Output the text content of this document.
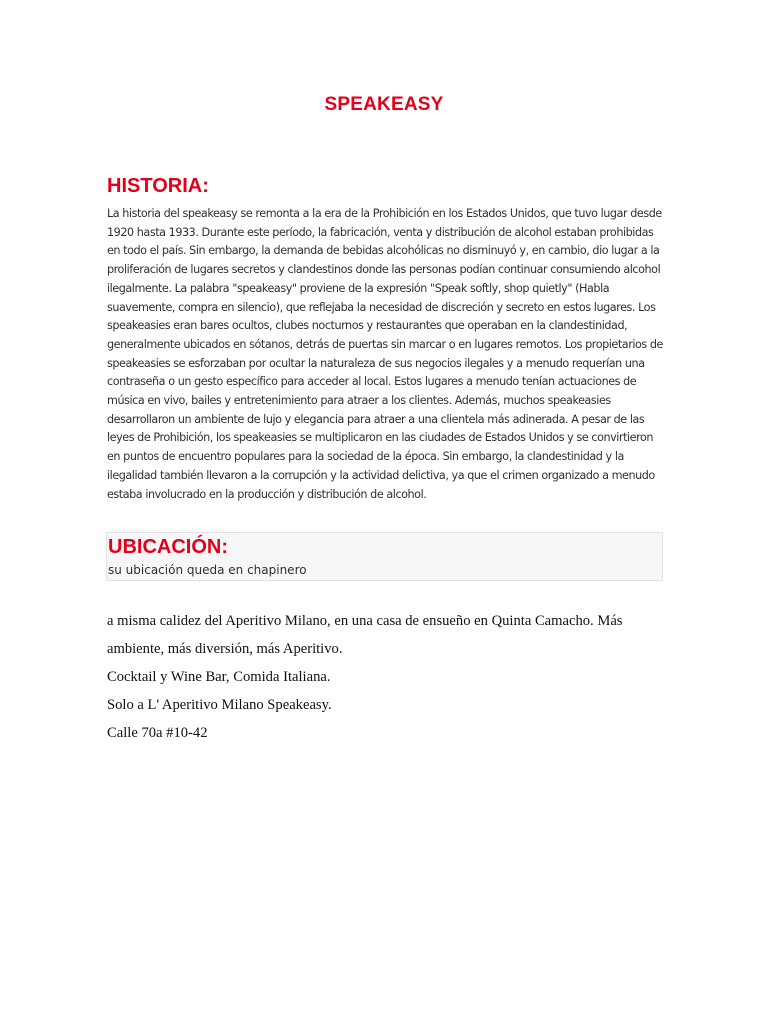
SPEAKEASY
HISTORIA:
La historia del speakeasy se remonta a la era de la Prohibición en los Estados Unidos, que tuvo lugar desde 1920 hasta 1933. Durante este período, la fabricación, venta y distribución de alcohol estaban prohibidas en todo el país. Sin embargo, la demanda de bebidas alcohólicas no disminuyó y, en cambio, dio lugar a la proliferación de lugares secretos y clandestinos donde las personas podían continuar consumiendo alcohol ilegalmente. La palabra "speakeasy" proviene de la expresión "Speak softly, shop quietly" (Habla suavemente, compra en silencio), que reflejaba la necesidad de discreción y secreto en estos lugares. Los speakeasies eran bares ocultos, clubes nocturnos y restaurantes que operaban en la clandestinidad, generalmente ubicados en sótanos, detrás de puertas sin marcar o en lugares remotos. Los propietarios de speakeasies se esforzaban por ocultar la naturaleza de sus negocios ilegales y a menudo requerían una contraseña o un gesto específico para acceder al local. Estos lugares a menudo tenían actuaciones de música en vivo, bailes y entretenimiento para atraer a los clientes. Además, muchos speakeasies desarrollaron un ambiente de lujo y elegancia para atraer a una clientela más adinerada. A pesar de las leyes de Prohibición, los speakeasies se multiplicaron en las ciudades de Estados Unidos y se convirtieron en puntos de encuentro populares para la sociedad de la época. Sin embargo, la clandestinidad y la ilegalidad también llevaron a la corrupción y la actividad delictiva, ya que el crimen organizado a menudo estaba involucrado en la producción y distribución de alcohol.
UBICACIÓN:
su ubicación queda en chapinero
a misma calidez del Aperitivo Milano, en una casa de ensueño en Quinta Camacho. Más ambiente, más diversión, más Aperitivo.
Cocktail y Wine Bar, Comida Italiana.
Solo a L' Aperitivo Milano Speakeasy.
Calle 70a #10-42
